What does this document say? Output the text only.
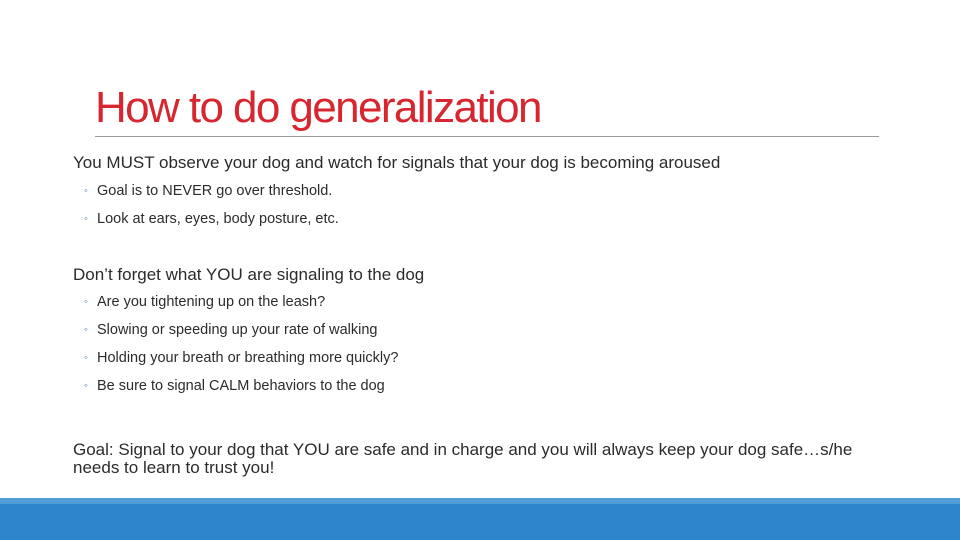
How to do generalization
You MUST observe your dog and watch for signals that your dog is becoming aroused
◦ Goal is to NEVER go over threshold.
◦ Look at ears, eyes, body posture, etc.
Don’t forget what YOU are signaling to the dog
◦ Are you tightening up on the leash?
◦ Slowing or speeding up your rate of walking
◦ Holding your breath or breathing more quickly?
◦ Be sure to signal CALM behaviors to the dog
Goal: Signal to your dog that YOU are safe and in charge and you will always keep your dog safe…s/he needs to learn to trust you!
